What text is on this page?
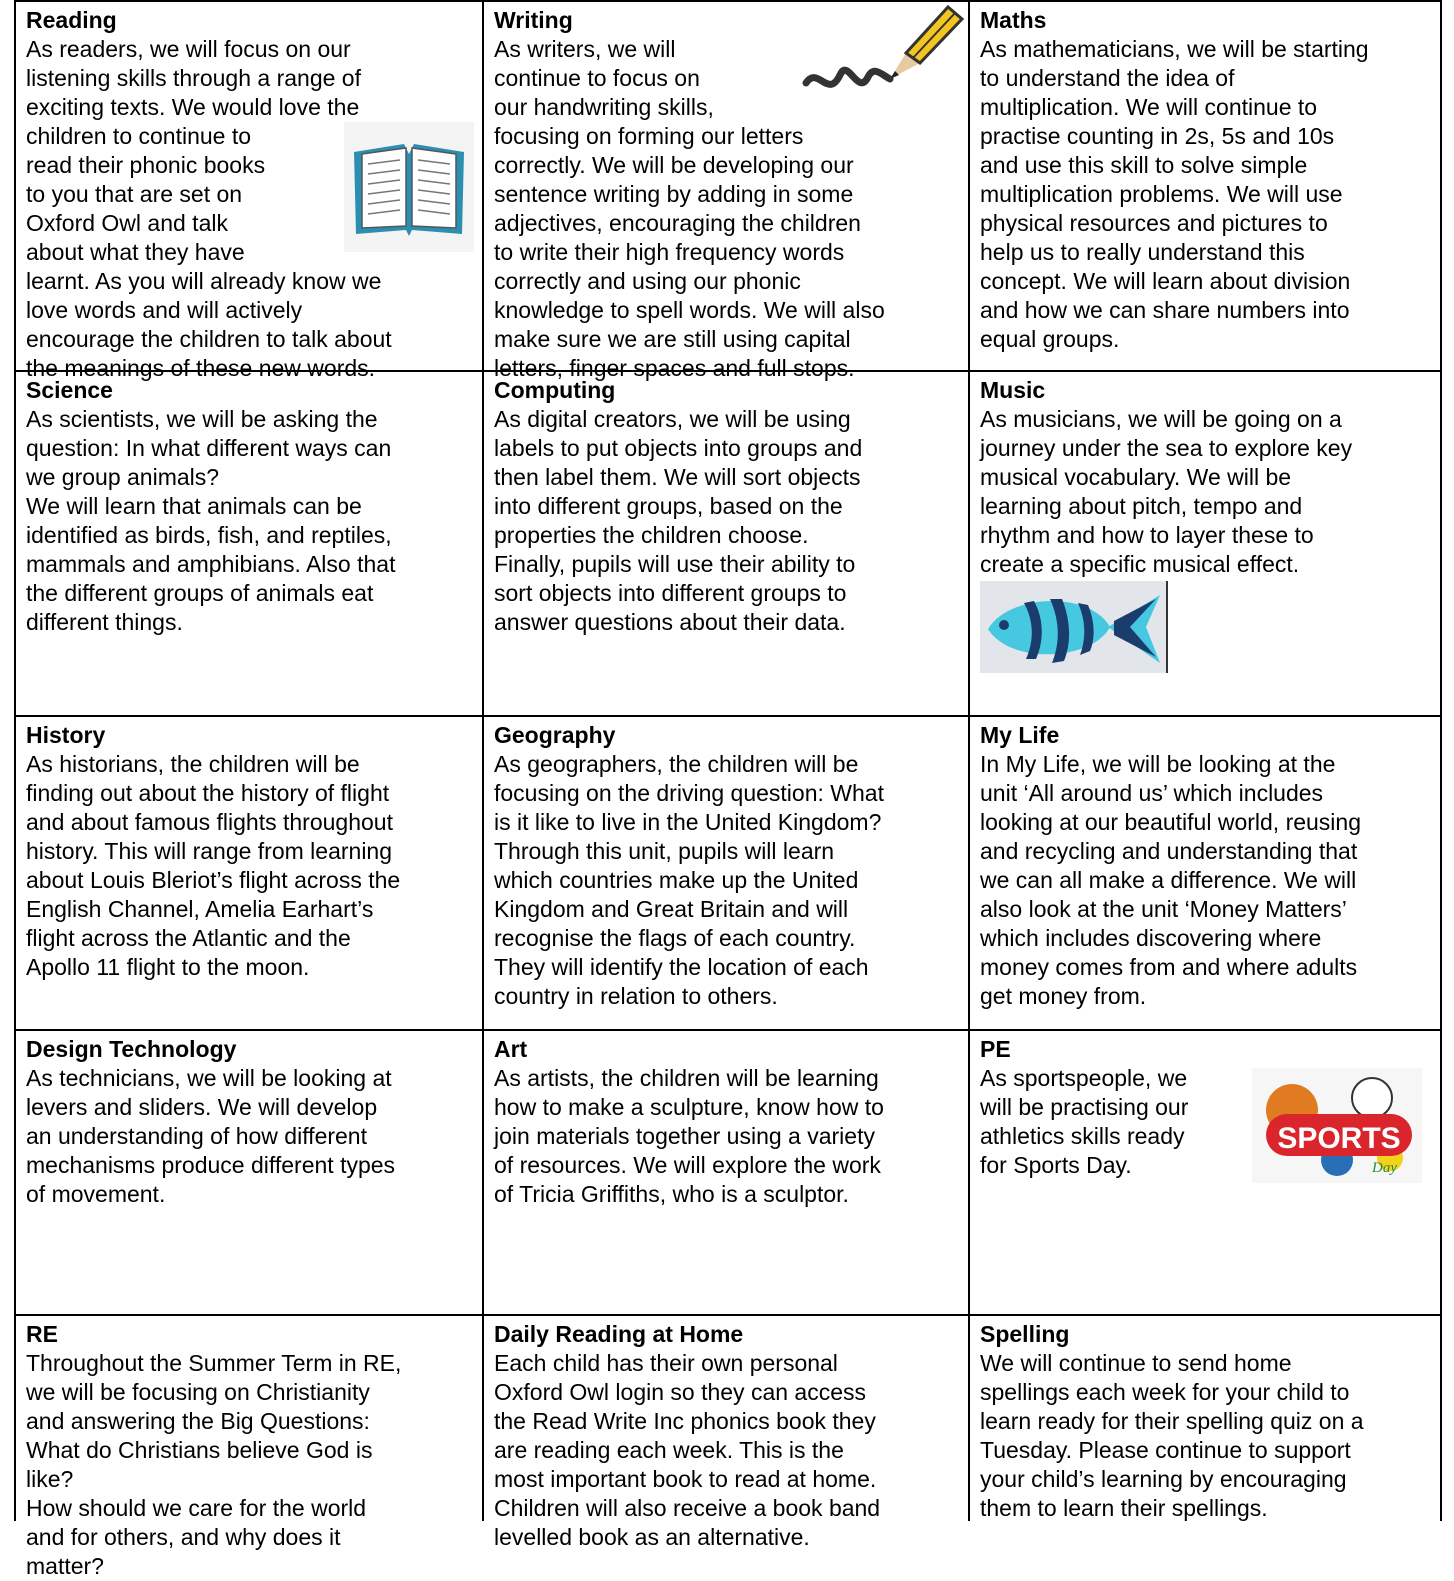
Reading
As readers, we will focus on our
listening skills through a range of
exciting texts. We would love the
children to continue to
read their phonic books
to you that are set on
Oxford Owl and talk
about what they have
learnt. As you will already know we
love words and will actively
encourage the children to talk about
the meanings of these new words.
Writing
As writers, we will
continue to focus on
our handwriting skills,
focusing on forming our letters
correctly. We will be developing our
sentence writing by adding in some
adjectives, encouraging the children
to write their high frequency words
correctly and using our phonic
knowledge to spell words. We will also
make sure we are still using capital
letters, finger spaces and full stops.
Maths
As mathematicians, we will be starting
to understand the idea of
multiplication. We will continue to
practise counting in 2s, 5s and 10s
and use this skill to solve simple
multiplication problems. We will use
physical resources and pictures to
help us to really understand this
concept. We will learn about division
and how we can share numbers into
equal groups.
Science
As scientists, we will be asking the
question: In what different ways can
we group animals?
We will learn that animals can be
identified as birds, fish, and reptiles,
mammals and amphibians. Also that
the different groups of animals eat
different things.
Computing
As digital creators, we will be using
labels to put objects into groups and
then label them. We will sort objects
into different groups, based on the
properties the children choose.
Finally, pupils will use their ability to
sort objects into different groups to
answer questions about their data.
Music
As musicians, we will be going on a
journey under the sea to explore key
musical vocabulary. We will be
learning about pitch, tempo and
rhythm and how to layer these to
create a specific musical effect.
History
As historians, the children will be
finding out about the history of flight
and about famous flights throughout
history. This will range from learning
about Louis Bleriot’s flight across the
English Channel, Amelia Earhart’s
flight across the Atlantic and the
Apollo 11 flight to the moon.
Geography
As geographers, the children will be
focusing on the driving question: What
is it like to live in the United Kingdom?
Through this unit, pupils will learn
which countries make up the United
Kingdom and Great Britain and will
recognise the flags of each country.
They will identify the location of each
country in relation to others.
My Life
In My Life, we will be looking at the
unit ‘All around us’ which includes
looking at our beautiful world, reusing
and recycling and understanding that
we can all make a difference. We will
also look at the unit ‘Money Matters’
which includes discovering where
money comes from and where adults
get money from.
Design Technology
As technicians, we will be looking at
levers and sliders. We will develop
an understanding of how different
mechanisms produce different types
of movement.
Art
As artists, the children will be learning
how to make a sculpture, know how to
join materials together using a variety
of resources. We will explore the work
of Tricia Griffiths, who is a sculptor.
PE
SPORTS
Day
As sportspeople, we
will be practising our
athletics skills ready
for Sports Day.
RE
Throughout the Summer Term in RE,
we will be focusing on Christianity
and answering the Big Questions:
What do Christians believe God is
like?
How should we care for the world
and for others, and why does it
matter?
Daily Reading at Home
Each child has their own personal
Oxford Owl login so they can access
the Read Write Inc phonics book they
are reading each week. This is the
most important book to read at home.
Children will also receive a book band
levelled book as an alternative.
Spelling
We will continue to send home
spellings each week for your child to
learn ready for their spelling quiz on a
Tuesday. Please continue to support
your child’s learning by encouraging
them to learn their spellings.
